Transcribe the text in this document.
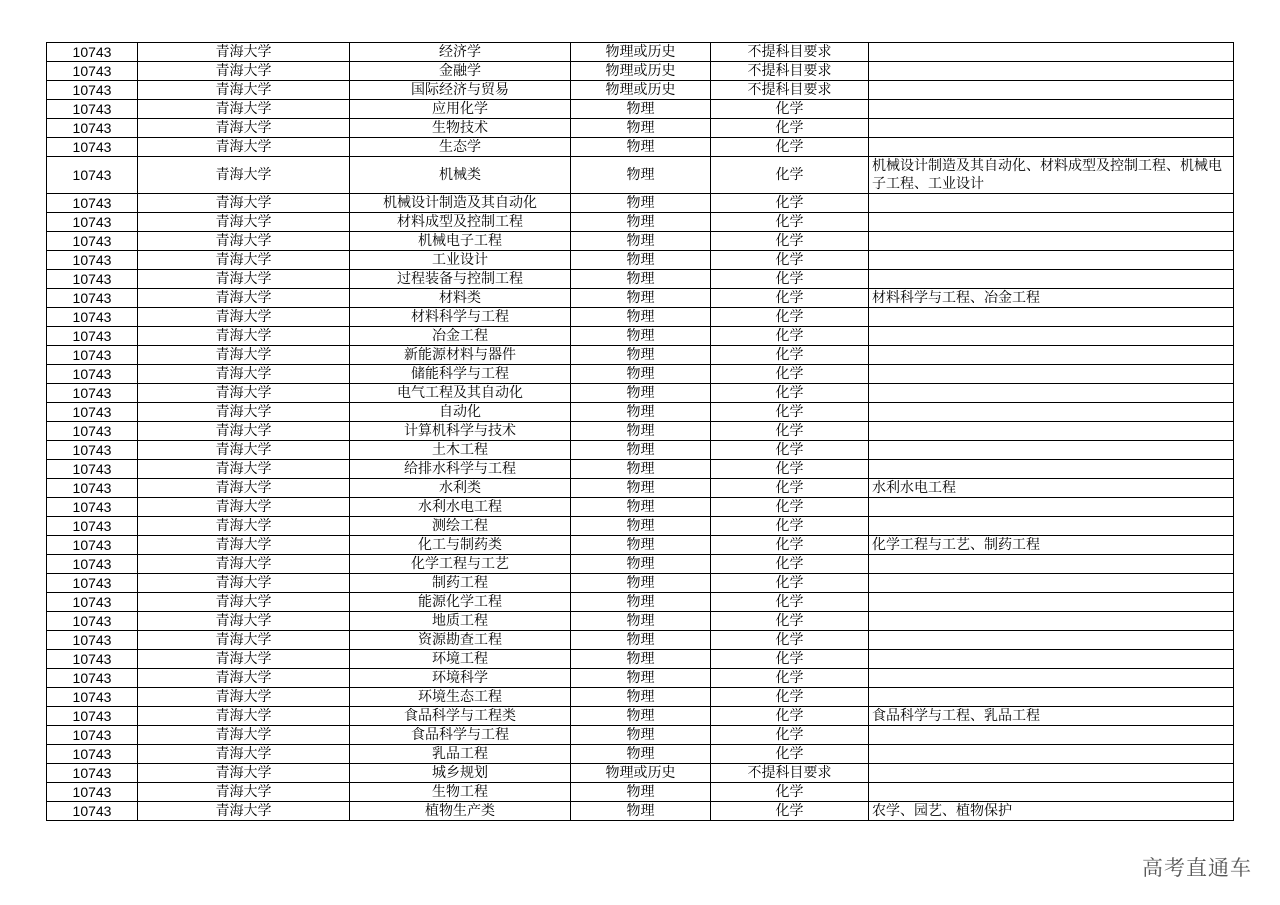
10743	青海大学	经济学	物理或历史	不提科目要求	
10743	青海大学	金融学	物理或历史	不提科目要求	
10743	青海大学	国际经济与贸易	物理或历史	不提科目要求	
10743	青海大学	应用化学	物理	化学	
10743	青海大学	生物技术	物理	化学	
10743	青海大学	生态学	物理	化学	
10743	青海大学	机械类	物理	化学	机械设计制造及其自动化、材料成型及控制工程、机械电子工程、工业设计
10743	青海大学	机械设计制造及其自动化	物理	化学	
10743	青海大学	材料成型及控制工程	物理	化学	
10743	青海大学	机械电子工程	物理	化学	
10743	青海大学	工业设计	物理	化学	
10743	青海大学	过程装备与控制工程	物理	化学	
10743	青海大学	材料类	物理	化学	材料科学与工程、冶金工程
10743	青海大学	材料科学与工程	物理	化学	
10743	青海大学	冶金工程	物理	化学	
10743	青海大学	新能源材料与器件	物理	化学	
10743	青海大学	储能科学与工程	物理	化学	
10743	青海大学	电气工程及其自动化	物理	化学	
10743	青海大学	自动化	物理	化学	
10743	青海大学	计算机科学与技术	物理	化学	
10743	青海大学	土木工程	物理	化学	
10743	青海大学	给排水科学与工程	物理	化学	
10743	青海大学	水利类	物理	化学	水利水电工程
10743	青海大学	水利水电工程	物理	化学	
10743	青海大学	测绘工程	物理	化学	
10743	青海大学	化工与制药类	物理	化学	化学工程与工艺、制药工程
10743	青海大学	化学工程与工艺	物理	化学	
10743	青海大学	制药工程	物理	化学	
10743	青海大学	能源化学工程	物理	化学	
10743	青海大学	地质工程	物理	化学	
10743	青海大学	资源勘查工程	物理	化学	
10743	青海大学	环境工程	物理	化学	
10743	青海大学	环境科学	物理	化学	
10743	青海大学	环境生态工程	物理	化学	
10743	青海大学	食品科学与工程类	物理	化学	食品科学与工程、乳品工程
10743	青海大学	食品科学与工程	物理	化学	
10743	青海大学	乳品工程	物理	化学	
10743	青海大学	城乡规划	物理或历史	不提科目要求	
10743	青海大学	生物工程	物理	化学	
10743	青海大学	植物生产类	物理	化学	农学、园艺、植物保护
高考直通车
